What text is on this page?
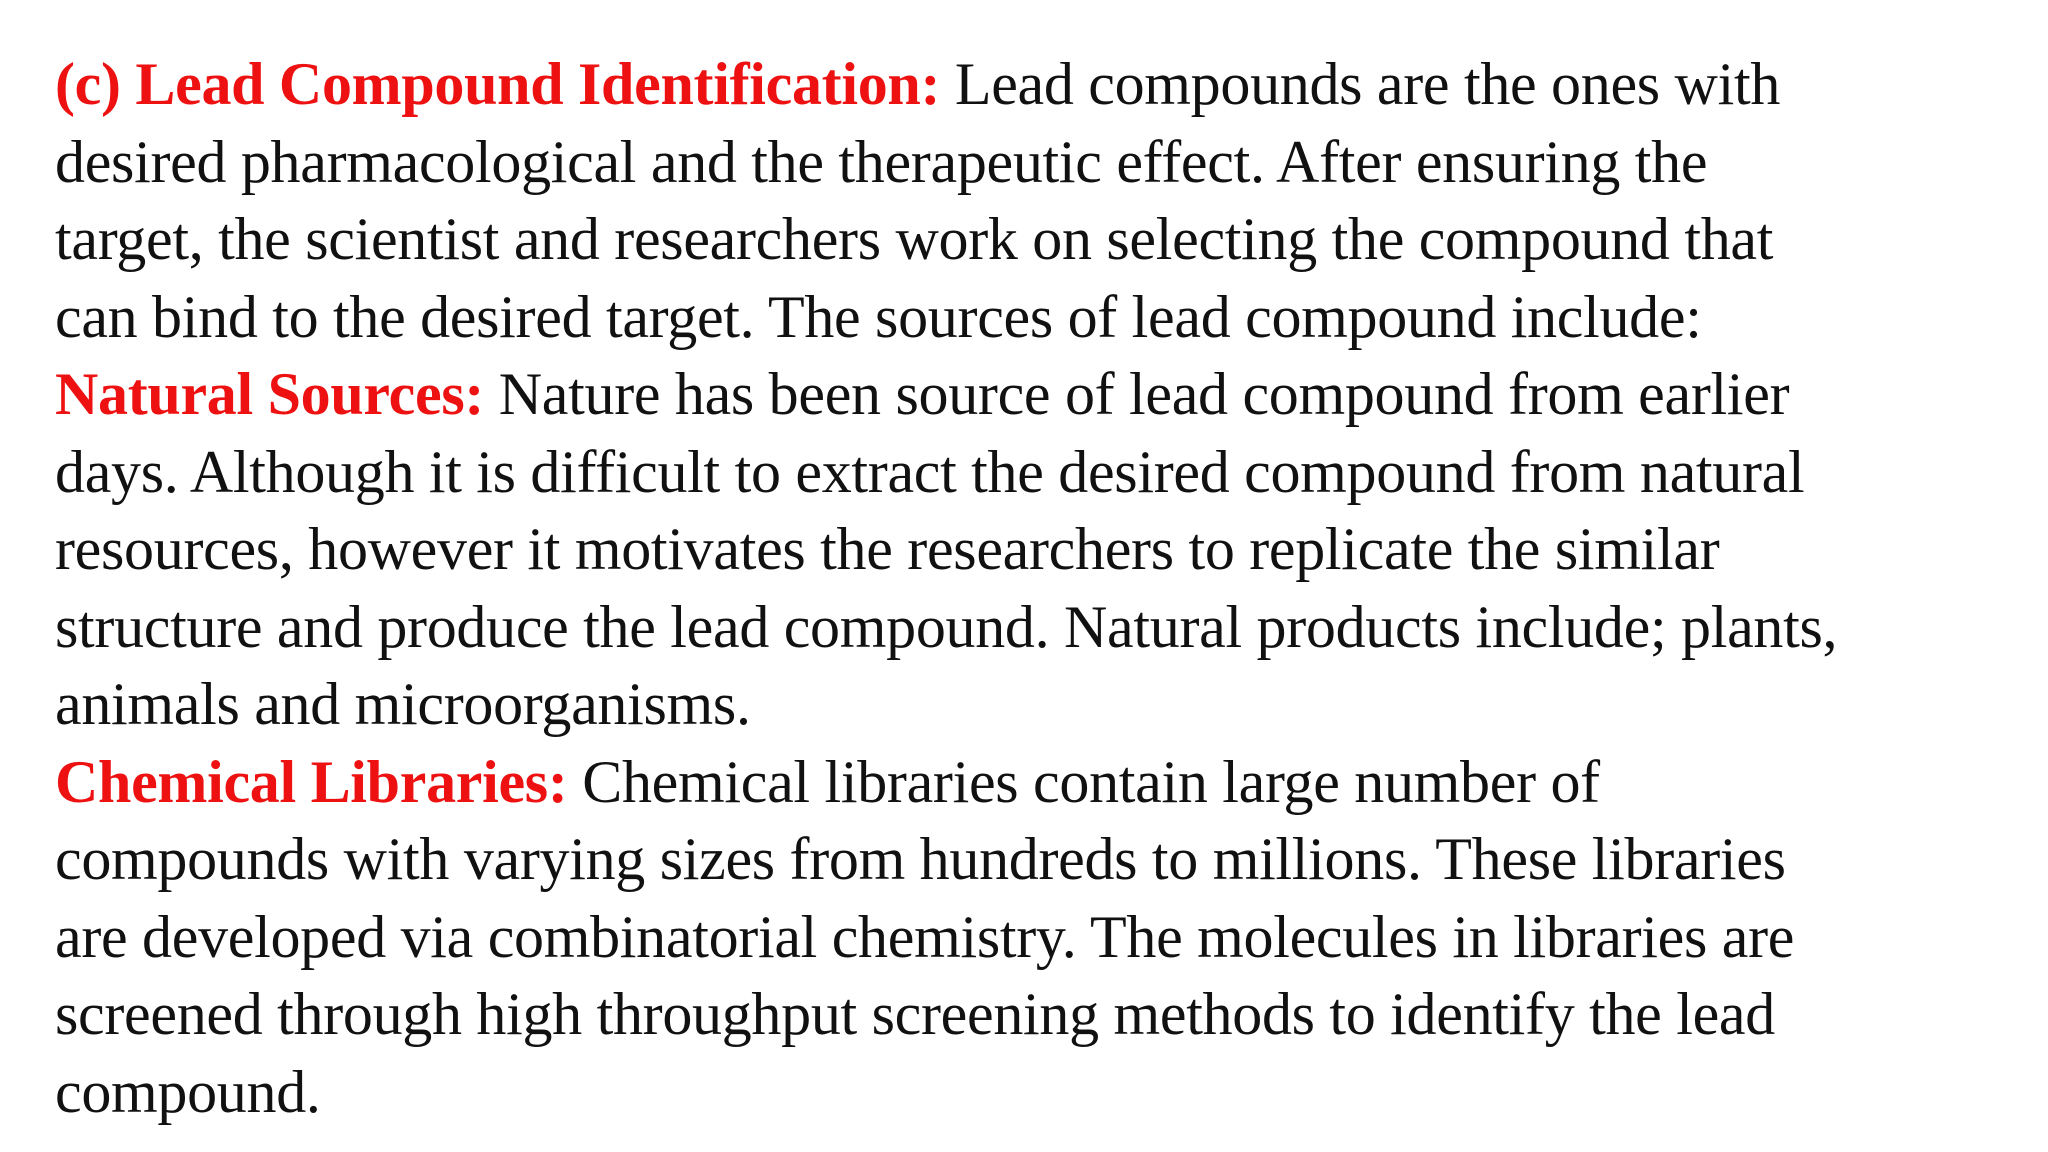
(c) Lead Compound Identification: Lead compounds are the ones with
desired pharmacological and the therapeutic effect. After ensuring the
target, the scientist and researchers work on selecting the compound that
can bind to the desired target. The sources of lead compound include:
Natural Sources: Nature has been source of lead compound from earlier
days. Although it is difficult to extract the desired compound from natural
resources, however it motivates the researchers to replicate the similar
structure and produce the lead compound. Natural products include; plants,
animals and microorganisms.
Chemical Libraries: Chemical libraries contain large number of
compounds with varying sizes from hundreds to millions. These libraries
are developed via combinatorial chemistry. The molecules in libraries are
screened through high throughput screening methods to identify the lead
compound.
